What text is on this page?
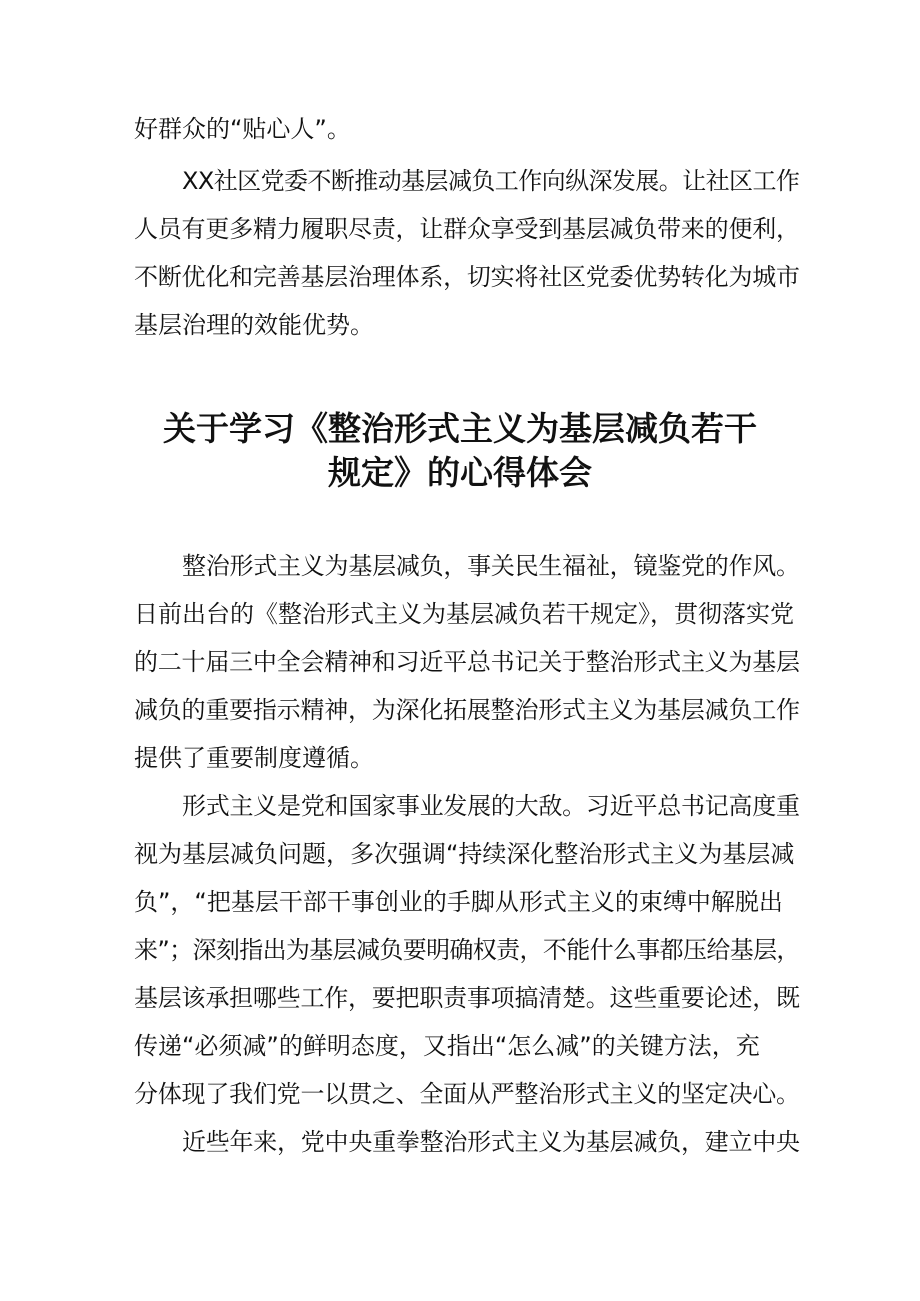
好群众的“贴心人”。

XX社区党委不断推动基层减负工作向纵深发展。让社区工作

人员有更多精力履职尽责，让群众享受到基层减负带来的便利，

不断优化和完善基层治理体系，切实将社区党委优势转化为城市

基层治理的效能优势。

关于学习《整治形式主义为基层减负若干
规定》的心得体会

整治形式主义为基层减负，事关民生福祉，镜鉴党的作风。

日前出台的《整治形式主义为基层减负若干规定》，贯彻落实党

的二十届三中全会精神和习近平总书记关于整治形式主义为基层

减负的重要指示精神，为深化拓展整治形式主义为基层减负工作

提供了重要制度遵循。

形式主义是党和国家事业发展的大敌。习近平总书记高度重

视为基层减负问题，多次强调“持续深化整治形式主义为基层减

负”，“把基层干部干事创业的手脚从形式主义的束缚中解脱出

来”；深刻指出为基层减负要明确权责，不能什么事都压给基层，

基层该承担哪些工作，要把职责事项搞清楚。这些重要论述，既

传递“必须减”的鲜明态度，又指出“怎么减”的关键方法，充

分体现了我们党一以贯之、全面从严整治形式主义的坚定决心。

近些年来，党中央重拳整治形式主义为基层减负，建立中央
